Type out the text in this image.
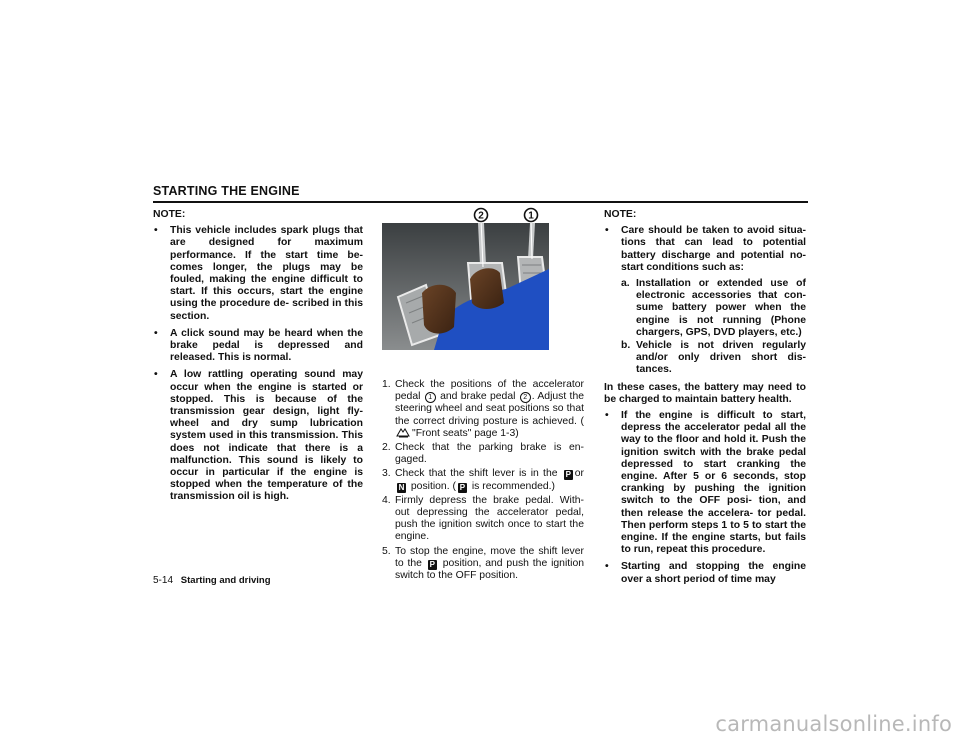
STARTING THE ENGINE

NOTE:

• This vehicle includes spark plugs that are designed for maximum performance. If the start time be- comes longer, the plugs may be fouled, making the engine difficult to start. If this occurs, start the engine using the procedure de- scribed in this section.
• A click sound may be heard when the brake pedal is depressed and released. This is normal.
• A low rattling operating sound may occur when the engine is started or stopped. This is because of the transmission gear design, light fly- wheel and dry sump lubrication system used in this transmission. This does not indicate that there is a malfunction. This sound is likely to occur in particular if the engine is stopped when the temperature of the transmission oil is high.
2	1
1. Check the positions of the accelerator pedal 1 and brake pedal 2 . Adjust the steering wheel and seat positions so that the correct driving posture is achieved. ("Front seats" page 1-3)
2. Check that the parking brake is en- gaged.
3. Check that the shift lever is in the P or N position. ( P is recommended.)
4. Firmly depress the brake pedal. With- out depressing the accelerator pedal, push the ignition switch once to start the engine.
5. To stop the engine, move the shift lever to the P position, and push the ignition switch to the OFF position.

NOTE:

• Care should be taken to avoid situa- tions that can lead to potential battery discharge and potential no- start conditions such as:
a. Installation or extended use of electronic accessories that con- sume battery power when the engine is not running (Phone chargers, GPS, DVD players, etc.)
b. Vehicle is not driven regularly and/or only driven short dis- tances.

In these cases, the battery may need to be charged to maintain battery health.

• If the engine is difficult to start, depress the accelerator pedal all the way to the floor and hold it. Push the ignition switch with the brake pedal depressed to start cranking the engine. After 5 or 6 seconds, stop cranking by pushing the ignition switch to the OFF posi- tion, and then release the accelera- tor pedal. Then perform steps 1 to 5 to start the engine. If the engine starts, but fails to run, repeat this procedure.
• Starting and stopping the engine over a short period of time may
5-14 Starting and driving
carmanualsonline.info
